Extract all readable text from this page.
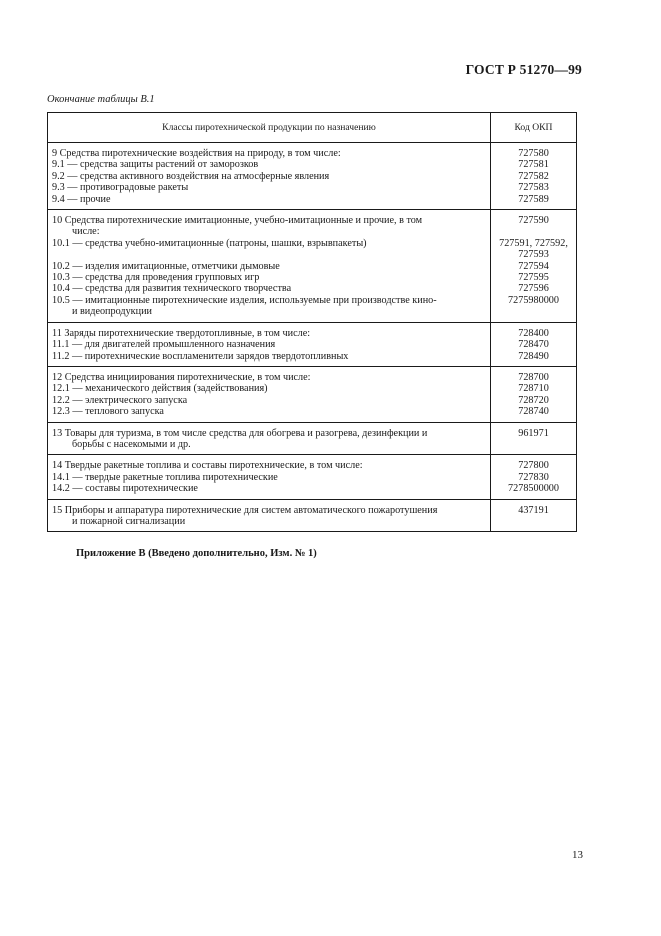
ГОСТ Р 51270—99
Окончание таблицы В.1
Классы пиротехнической продукции по назначению	Код ОКП
9 Средства пиротехнические воздействия на природу, в том числе:	727580
9.1 — средства защиты растений от заморозков	727581
9.2 — средства активного воздействия на атмосферные явления	727582
9.3 — противоградовые ракеты	727583
9.4 — прочие	727589
10 Средства пиротехнические имитационные, учебно-имитационные и прочие, в том	727590
числе:	
10.1 — средства учебно-имитационные (патроны, шашки, взрывпакеты)	727591, 727592,
	727593
10.2 — изделия имитационные, отметчики дымовые	727594
10.3 — средства для проведения групповых игр	727595
10.4 — средства для развития технического творчества	727596
10.5 — имитационные пиротехнические изделия, используемые при производстве кино-	7275980000
и видеопродукции	
11 Заряды пиротехнические твердотопливные, в том числе:	728400
11.1 — для двигателей промышленного назначения	728470
11.2 — пиротехнические воспламенители зарядов твердотопливных	728490
12 Средства инициирования пиротехнические, в том числе:	728700
12.1 — механического действия (задействования)	728710
12.2 — электрического запуска	728720
12.3 — теплового запуска	728740
13 Товары для туризма, в том числе средства для обогрева и разогрева, дезинфекции и	961971
борьбы с насекомыми и др.	
14 Твердые ракетные топлива и составы пиротехнические, в том числе:	727800
14.1 — твердые ракетные топлива пиротехнические	727830
14.2 — составы пиротехнические	7278500000
15 Приборы и аппаратура пиротехнические для систем автоматического пожаротушения	437191
и пожарной сигнализации	
Приложение В (Введено дополнительно, Изм. № 1)
13
